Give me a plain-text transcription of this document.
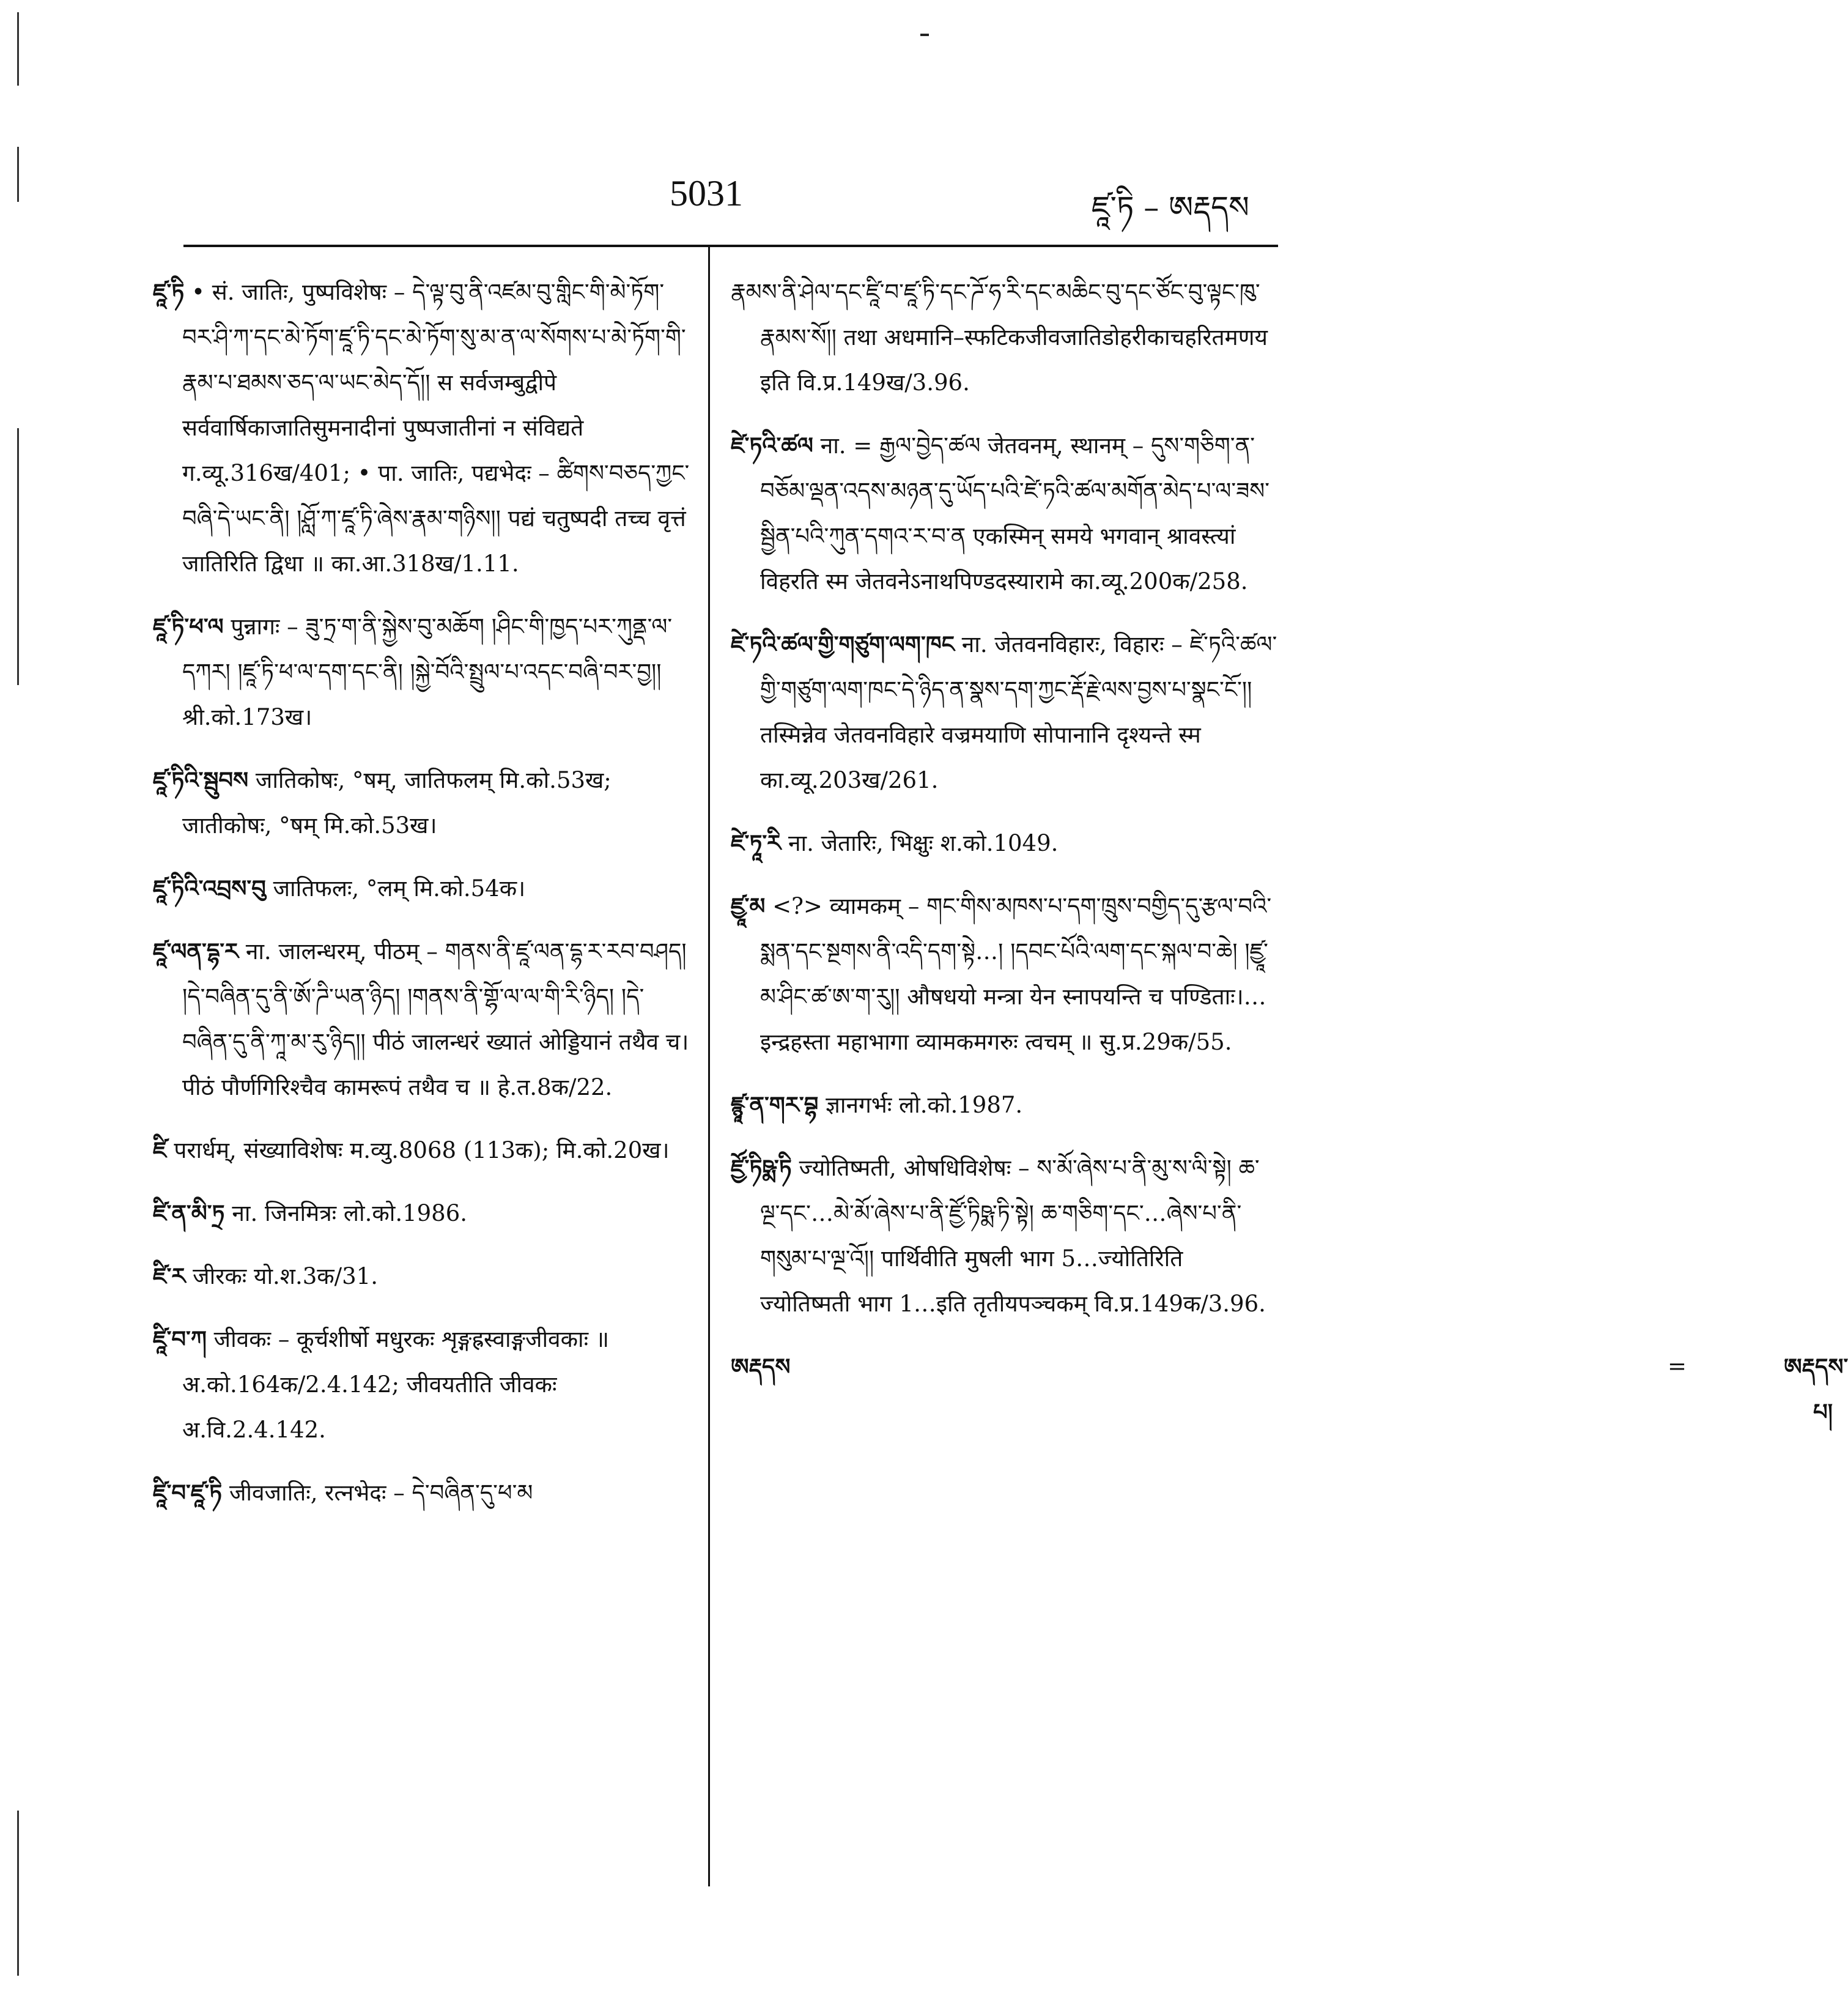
5031	ཛཱ་ཏི – ཨརྡདས

ཛཱ་ཏི • सं. जातिः, पुष्पविशेषः – དེ་ལྟ་བུ་ནི་འཛམ་བུ་གླིང་གི་མེ་ཏོག་བར་ཤི་ཀ་དང་མེ་ཏོག་ཛཱ་ཏི་དང་མེ་ཏོག་སུ་མ་ན་ལ་སོགས་པ་མེ་ཏོག་གི་རྣམ་པ་ཐམས་ཅད་ལ་ཡང་མེད་དོ།། स सर्वजम्बुद्वीपे सर्ववार्षिकाजातिसुमनादीनां पुष्पजातीनां न संविद्यते ग.व्यू.316ख/401; • पा. जातिः, पद्यभेदः – ཚིགས་བཅད་ཀྱང་བཞི་དེ་ཡང་ནི། །ཤློ་ཀ་ཛཱ་ཏི་ཞེས་རྣམ་གཉིས།། पद्यं चतुष्पदी तच्च वृत्तं जातिरिति द्विधा ॥ का.आ.318ख/1.11.

ཛཱ་ཏི་ཕ་ལ पुन्नागः – ཟུ་ཏྲ་ག་ནི་སྐྱེས་བུ་མཆོག །ཤིང་གི་ཁྱད་པར་ཀུནྡ་ལ་དཀར། །ཛཱ་ཏི་ཕ་ལ་དག་དང་ནི། །སྐྱེ་བོའི་སྤྲུལ་པ་འདང་བཞི་བར་བྱ།། श्री.को.173ख।

ཛཱ་ཏིའི་སྦུབས जातिकोषः, °षम्, जातिफलम् मि.को.53ख; जातीकोषः, °षम् मि.को.53ख।

ཛཱ་ཏིའི་འབྲས་བུ जातिफलः, °लम् मि.को.54क।

ཛཱ་ལན་དྷ་ར ना. जालन्धरम्, पीठम् – གནས་ནི་ཛཱ་ལན་དྷ་ར་རབ་བཤད། །དེ་བཞིན་དུ་ནི་ཨོ་ཌི་ཡན་ཉིད། །གནས་ནི་གྷོ་ལ་ལ་གི་རི་ཉིད། །དེ་བཞིན་དུ་ནི་ཀཱ་མ་རུ་ཉིད།། पीठं जालन्धरं ख्यातं ओड्डियानं तथैव च। पीठं पौर्णगिरिश्चैव कामरूपं तथैव च ॥ हे.त.8क/22.

ཛི परार्धम्, संख्याविशेषः म.व्यु.8068 (113क); मि.को.20ख।

ཛི་ན་མི་ཏྲ ना. जिनमित्रः लो.को.1986.

ཛི་ར जीरकः यो.श.3क/31.

ཛཱི་བ་ཀ जीवकः – कूर्चशीर्षो मधुरकः शृङ्गह्रस्वाङ्गजीवकाः ॥ अ.को.164क/2.4.142; जीवयतीति जीवकः अ.वि.2.4.142.

ཛཱི་བ་ཛཱ་ཏི जीवजातिः, रत्नभेदः – དེ་བཞིན་དུ་ཕ་མ

རྣམས་ནི་ཤེལ་དང་ཛཱི་བ་ཛཱ་ཏི་དང་ཌོ་ཧ་རི་དང་མཆིང་བུ་དང་ཙོང་བུ་ལྟང་ཁུ་རྣམས་སོ།། तथा अधमानि–स्फटिकजीवजातिडोहरीकाचहरितमणय इति वि.प्र.149ख/3.96.

ཛེ་ཏའི་ཚལ ना. = རྒྱལ་བྱེད་ཚལ जेतवनम्, स्थानम् – དུས་གཅིག་ན་བཅོམ་ལྡན་འདས་མཉན་དུ་ཡོད་པའི་ཛེ་ཏའི་ཚལ་མགོན་མེད་པ་ལ་ཟས་སྦྱིན་པའི་ཀུན་དགའ་ར་བ་ན एकस्मिन् समये भगवान् श्रावस्त्यां विहरति स्म जेतवनेऽनाथपिण्डदस्यारामे का.व्यू.200क/258.

ཛེ་ཏའི་ཚལ་གྱི་གཙུག་ལག་ཁང ना. जेतवनविहारः, विहारः – ཛེ་ཏའི་ཚལ་གྱི་གཙུག་ལག་ཁང་དེ་ཉིད་ན་སྣས་དག་ཀྱང་རྡོ་རྗེ་ལས་བྱས་པ་སྣང་ངོ་།། तस्मिन्नेव जेतवनविहारे वज्रमयाणि सोपानानि दृश्यन्ते स्म का.व्यू.203ख/261.

ཛེ་ཏཱ་རི ना. जेतारिः, भिक्षुः श.को.1049.

ཛྱཱ་མ <?> व्यामकम् – གང་གིས་མཁས་པ་དག་ཁྲུས་བགྱིད་དུ་རྩལ་བའི་སྨན་དང་སྔགས་ནི་འདི་དག་སྟེ…། །དབང་པོའི་ལག་དང་སྐལ་བ་ཆེ། །ཛྱཱ་མ་ཤིང་ཚ་ཨ་ག་རུ།། औषधयो मन्त्रा येन स्नापयन्ति च पण्डिताः।…इन्द्रहस्ता महाभागा व्यामकमगरुः त्वचम् ॥ सु.प्र.29क/55.

ཛྙཱ་ན་གར་བྷ ज्ञानगर्भः लो.को.1987.

ཛྱོ་ཏིཥྨ་ཏི ज्योतिष्मती, ओषधिविशेषः – ས་མོ་ཞེས་པ་ནི་མུ་ས་ལི་སྟེ། ཆ་ལྔ་དང་…མེ་མོ་ཞེས་པ་ནི་ཛྱོ་ཏིཥྨ་ཏི་སྟེ། ཆ་གཅིག་དང་…ཞེས་པ་ནི་གསུམ་པ་ལྔ་འོ།། पार्थिवीति मुषली भाग 5…ज्योतिरिति ज्योतिष्मती भाग 1…इति तृतीयपञ्चकम् वि.प्र.149क/3.96.

ཨརྡདས	=	ཨརྡདས་པ།
